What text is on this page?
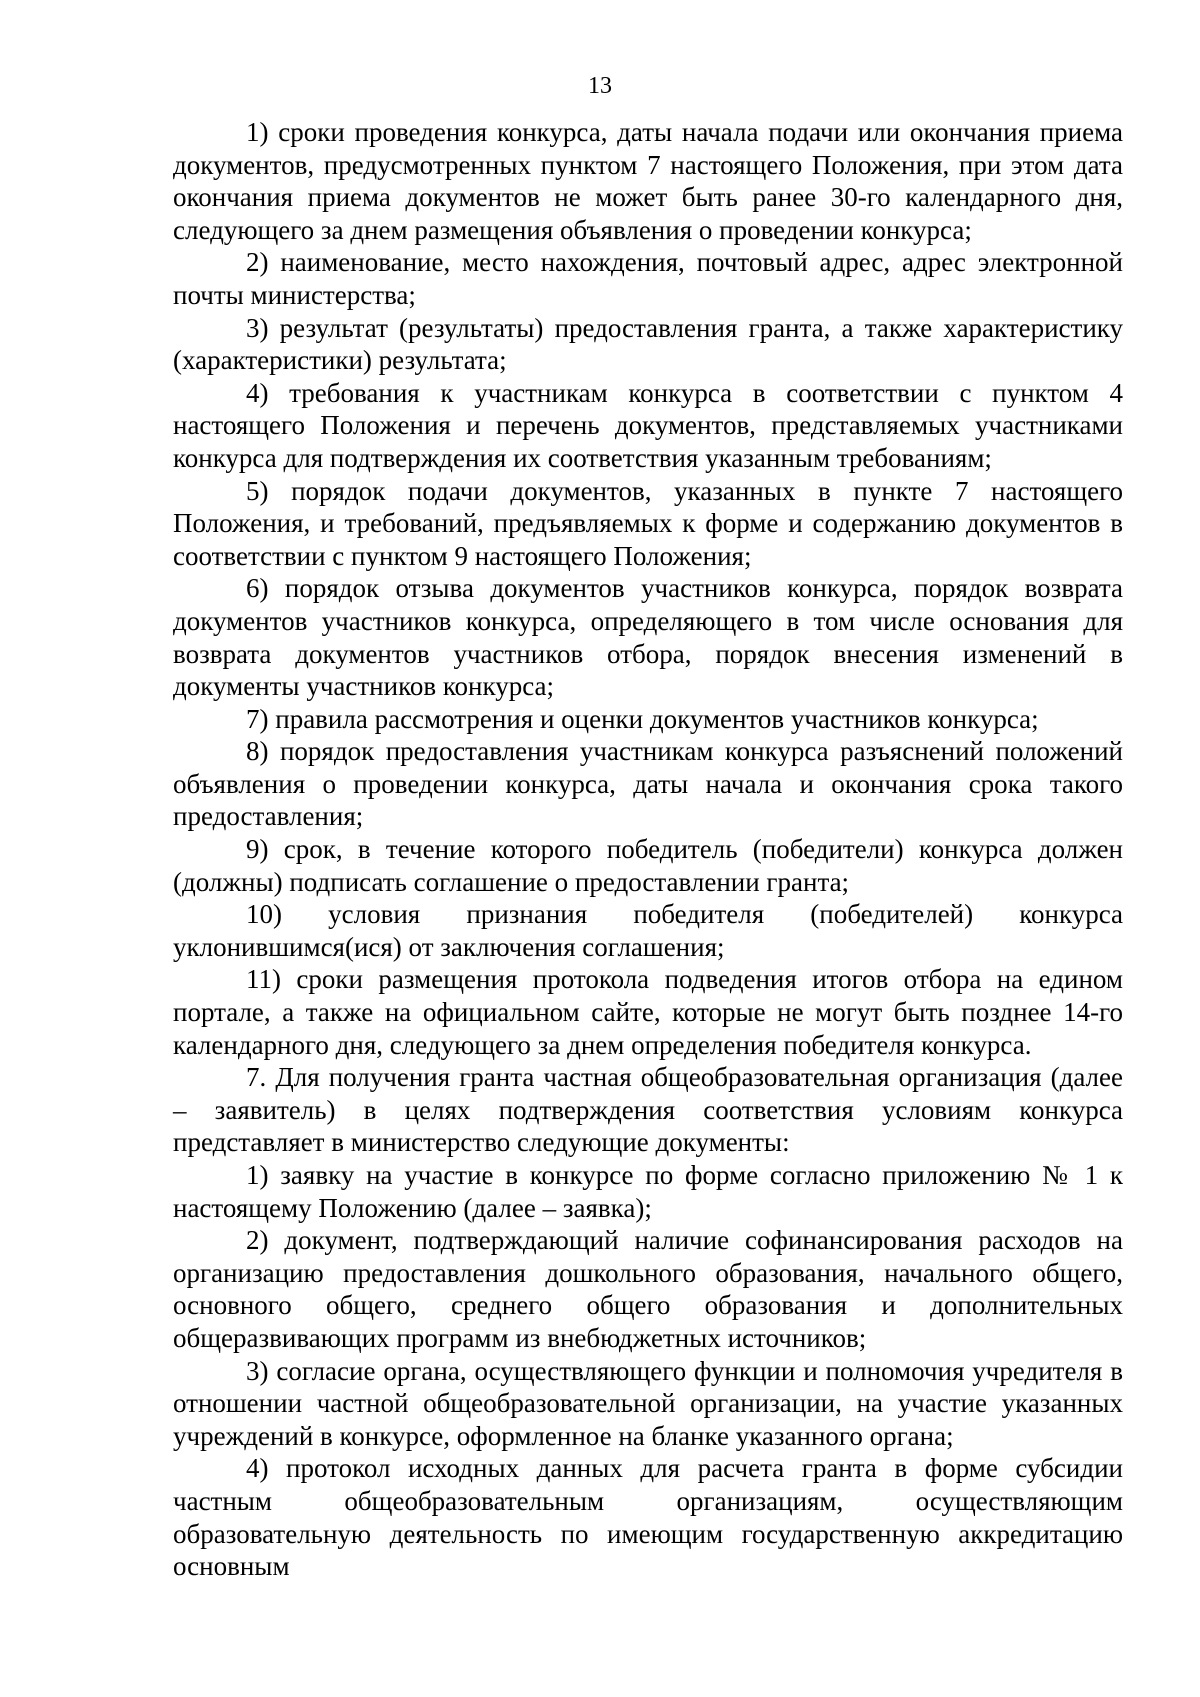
13

1) сроки проведения конкурса, даты начала подачи или окончания приема документов, предусмотренных пунктом 7 настоящего Положения, при этом дата окончания приема документов не может быть ранее 30-го календарного дня, следующего за днем размещения объявления о проведении конкурса;

2) наименование, место нахождения, почтовый адрес, адрес электронной почты министерства;

3) результат (результаты) предоставления гранта, а также характеристику (характеристики) результата;

4) требования к участникам конкурса в соответствии с пунктом 4 настоящего Положения и перечень документов, представляемых участниками конкурса для подтверждения их соответствия указанным требованиям;

5) порядок подачи документов, указанных в пункте 7 настоящего Положения, и требований, предъявляемых к форме и содержанию документов в соответствии с пунктом 9 настоящего Положения;

6) порядок отзыва документов участников конкурса, порядок возврата документов участников конкурса, определяющего в том числе основания для возврата документов участников отбора, порядок внесения изменений в документы участников конкурса;

7) правила рассмотрения и оценки документов участников конкурса;

8) порядок предоставления участникам конкурса разъяснений положений объявления о проведении конкурса, даты начала и окончания срока такого предоставления;

9) срок, в течение которого победитель (победители) конкурса должен (должны) подписать соглашение о предоставлении гранта;

10) условия признания победителя (победителей) конкурса уклонившимся(ися) от заключения соглашения;

11) сроки размещения протокола подведения итогов отбора на едином портале, а также на официальном сайте, которые не могут быть позднее 14-го календарного дня, следующего за днем определения победителя конкурса.

7. Для получения гранта частная общеобразовательная организация (далее – заявитель) в целях подтверждения соответствия условиям конкурса представляет в министерство следующие документы:

1) заявку на участие в конкурсе по форме согласно приложению № 1 к настоящему Положению (далее – заявка);

2) документ, подтверждающий наличие софинансирования расходов на организацию предоставления дошкольного образования, начального общего, основного общего, среднего общего образования и дополнительных общеразвивающих программ из внебюджетных источников;

3) согласие органа, осуществляющего функции и полномочия учредителя в отношении частной общеобразовательной организации, на участие указанных учреждений в конкурсе, оформленное на бланке указанного органа;

4) протокол исходных данных для расчета гранта в форме субсидии частным общеобразовательным организациям, осуществляющим образовательную деятельность по имеющим государственную аккредитацию основным
